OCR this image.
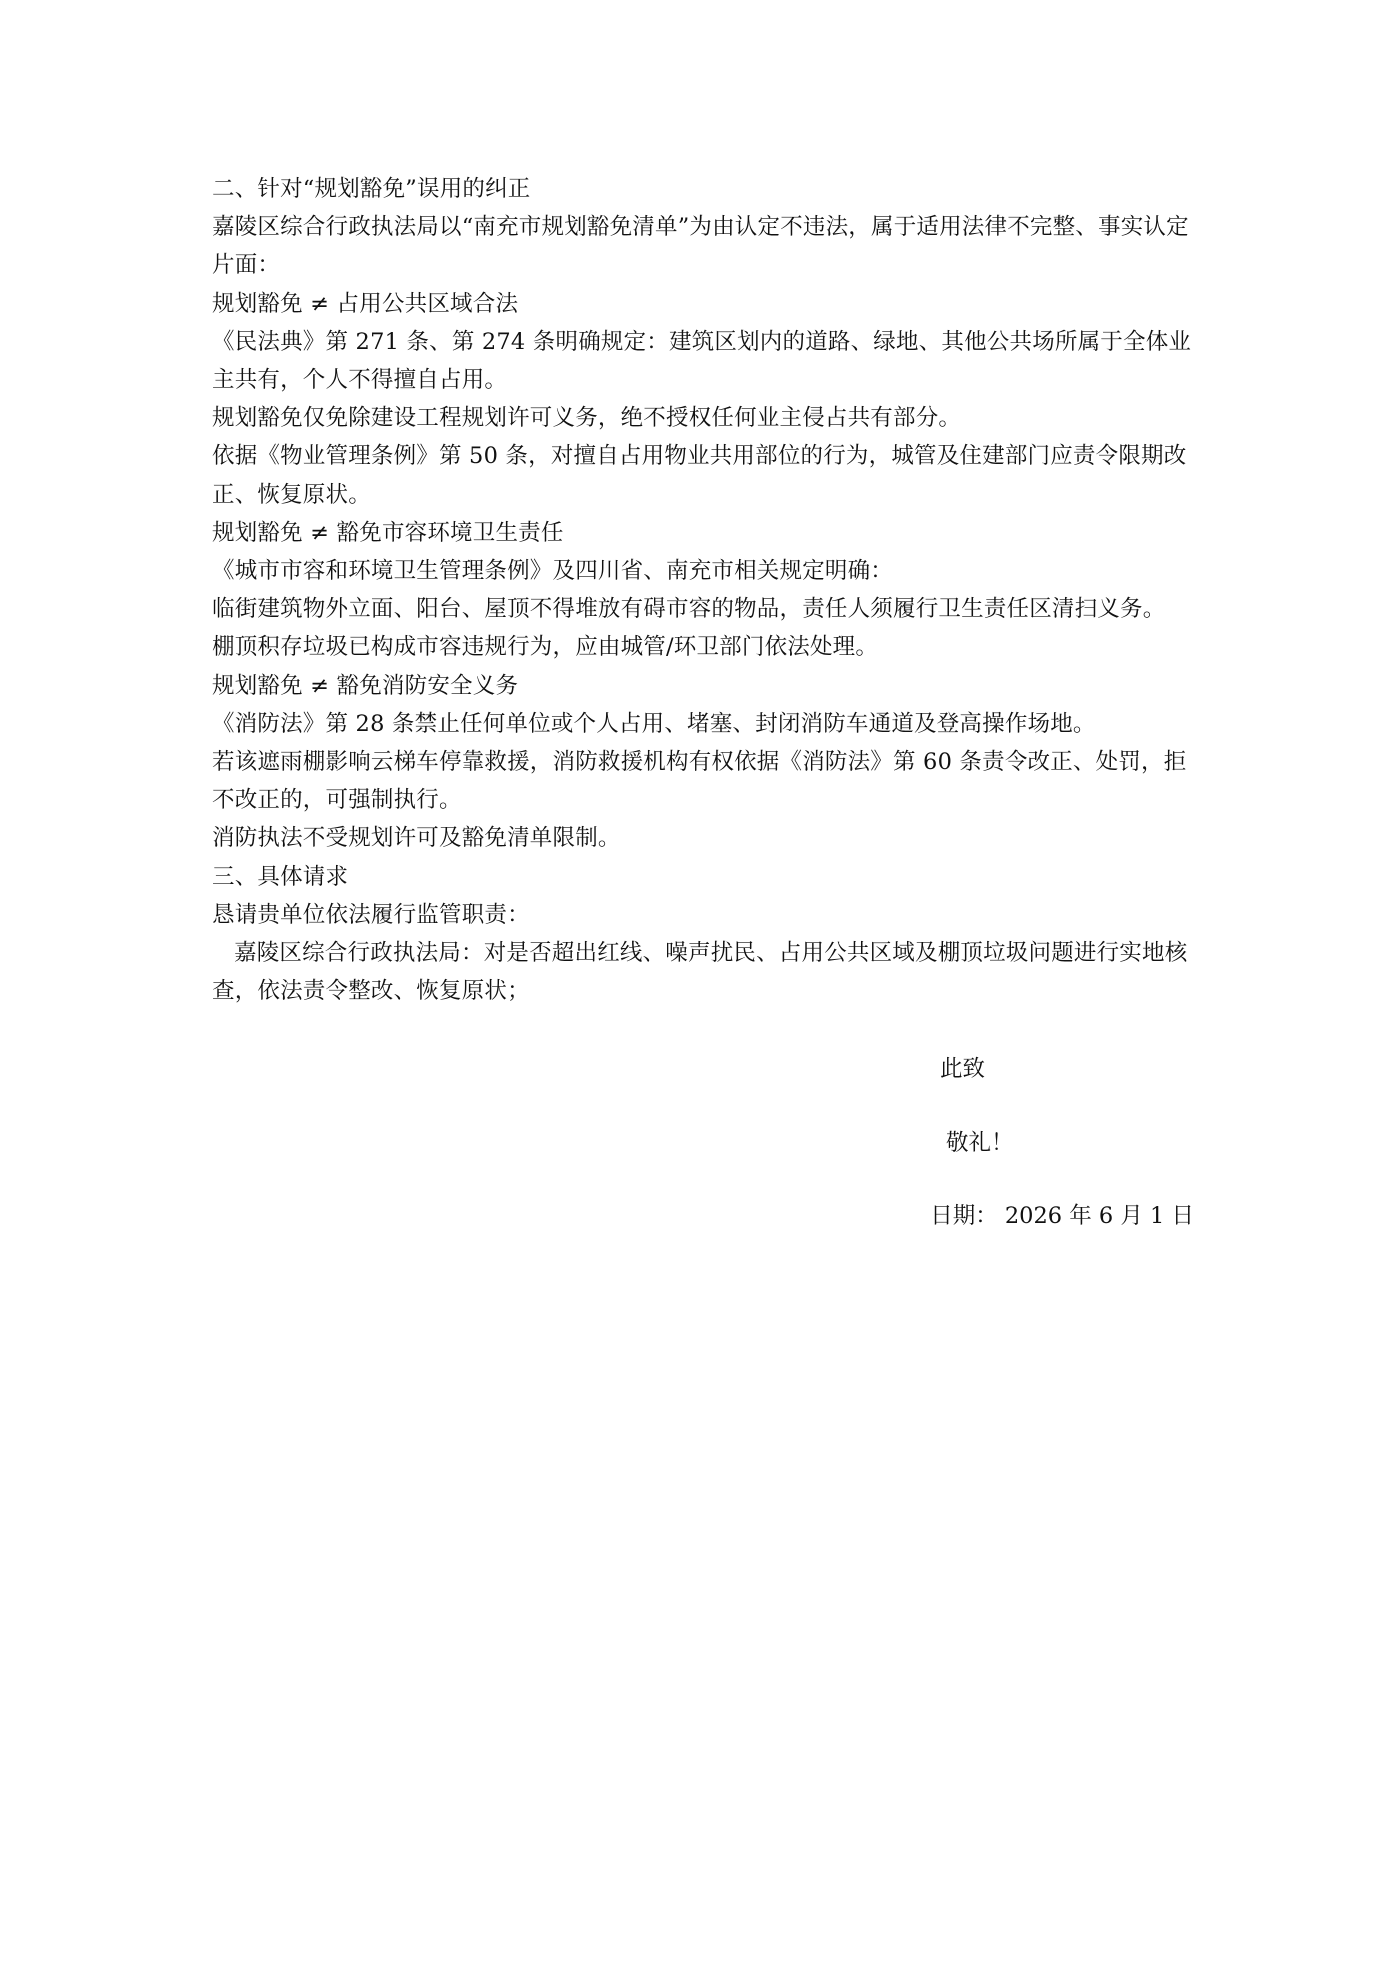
二、针对“规划豁免”误用的纠正

嘉陵区综合行政执法局以“南充市规划豁免清单”为由认定不违法，属于适用法律不完整、事实认定片面：

规划豁免 ≠ 占用公共区域合法

《民法典》第 271 条、第 274 条明确规定：建筑区划内的道路、绿地、其他公共场所属于全体业主共有，个人不得擅自占用。

规划豁免仅免除建设工程规划许可义务，绝不授权任何业主侵占共有部分。

依据《物业管理条例》第 50 条，对擅自占用物业共用部位的行为，城管及住建部门应责令限期改正、恢复原状。

规划豁免 ≠ 豁免市容环境卫生责任

《城市市容和环境卫生管理条例》及四川省、南充市相关规定明确：

临街建筑物外立面、阳台、屋顶不得堆放有碍市容的物品，责任人须履行卫生责任区清扫义务。

棚顶积存垃圾已构成市容违规行为，应由城管/环卫部门依法处理。

规划豁免 ≠ 豁免消防安全义务

《消防法》第 28 条禁止任何单位或个人占用、堵塞、封闭消防车通道及登高操作场地。

若该遮雨棚影响云梯车停靠救援，消防救援机构有权依据《消防法》第 60 条责令改正、处罚，拒不改正的，可强制执行。

消防执法不受规划许可及豁免清单限制。

三、具体请求

恳请贵单位依法履行监管职责：

嘉陵区综合行政执法局：对是否超出红线、噪声扰民、占用公共区域及棚顶垃圾问题进行实地核查，依法责令整改、恢复原状；

此致
敬礼！
日期： 2026 年 6 月 1 日
